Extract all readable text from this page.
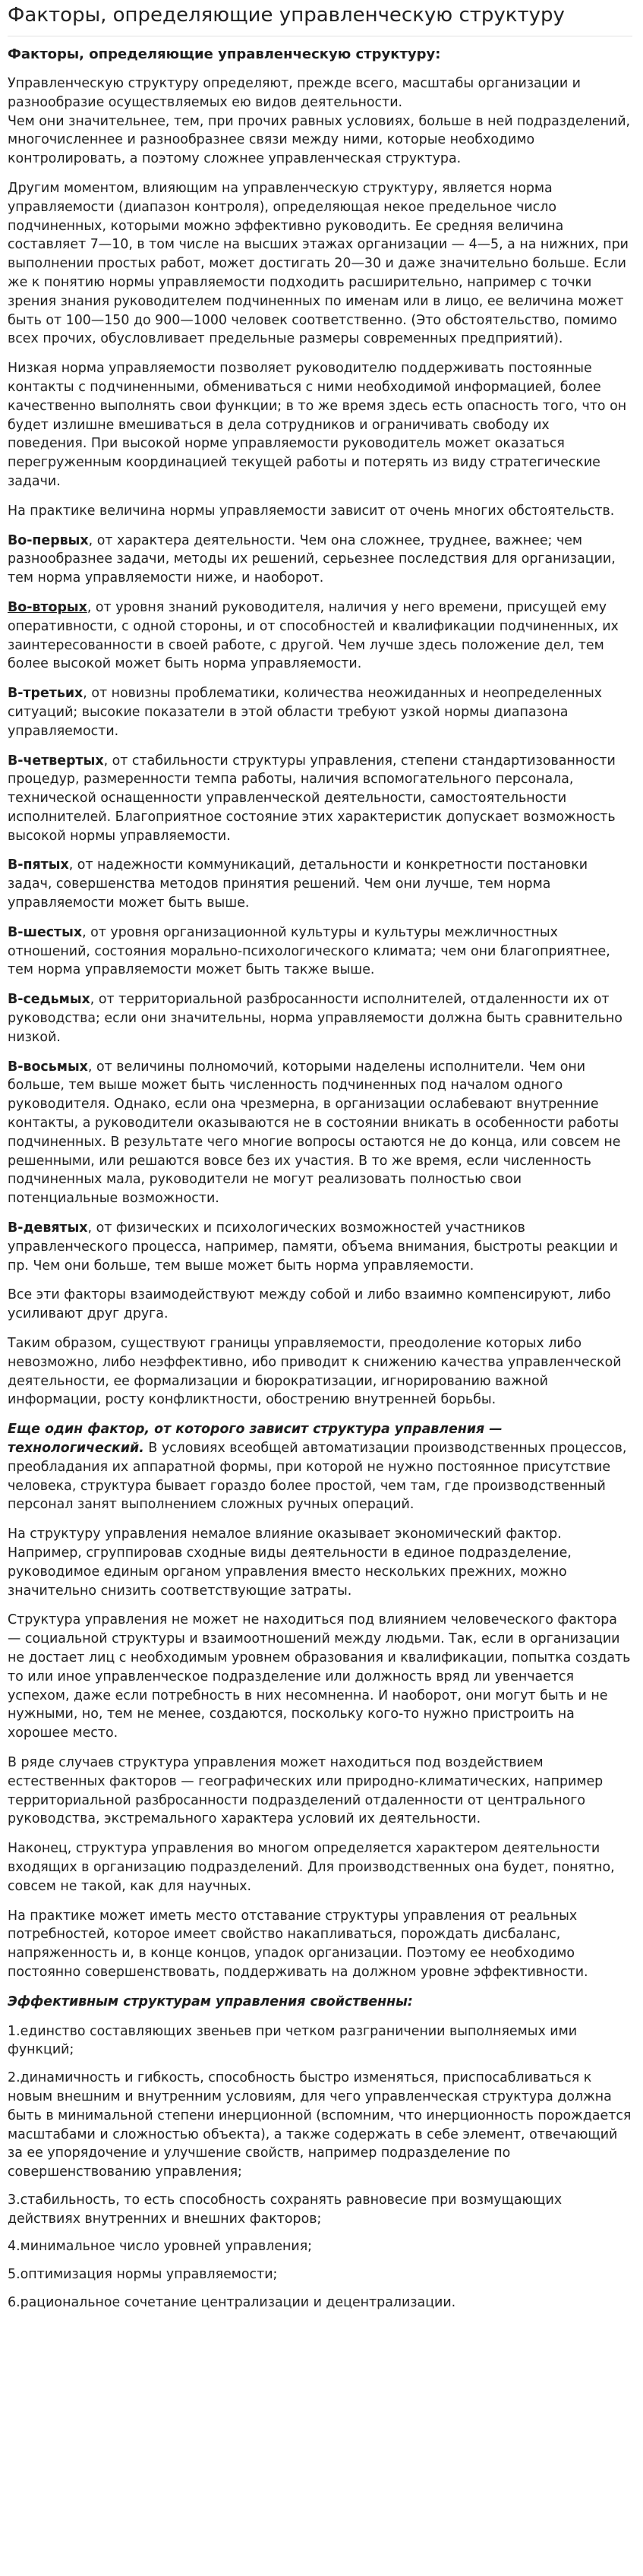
Факторы, определяющие управленческую структуру

Факторы, определяющие управленческую структуру:

Управленческую структуру определяют, прежде всего, масштабы организации и разнообразие осуществляемых ею видов деятельности.
Чем они значительнее, тем, при прочих равных условиях, больше в ней подразделений, многочисленнее и разнообразнее связи между ними, которые необходимо контролировать, а поэтому сложнее управленческая структура.

Другим моментом, влияющим на управленческую структуру, является норма управляемости (диапазон контроля), определяющая некое предельное число подчиненных, которыми можно эффективно руководить. Ее средняя величина составляет 7—10, в том числе на высших этажах организации — 4—5, а на нижних, при выполнении простых работ, может достигать 20—30 и даже значительно больше. Если же к понятию нормы управляемости подходить расширительно, например с точки зрения знания руководителем подчиненных по именам или в лицо, ее величина может быть от 100—150 до 900—1000 человек соответственно. (Это обстоятельство, помимо всех прочих, обусловливает предельные размеры современных предприятий).

Низкая норма управляемости позволяет руководителю поддерживать постоянные контакты с подчиненными, обмениваться с ними необходимой информацией, более качественно выполнять свои функции; в то же время здесь есть опасность того, что он будет излишне вмешиваться в дела сотрудников и ограничивать свободу их поведения. При высокой норме управляемости руководитель может оказаться перегруженным координацией текущей работы и потерять из виду стратегические задачи.

На практике величина нормы управляемости зависит от очень многих обстоятельств.

Во-первых, от характера деятельности. Чем она сложнее, труднее, важнее; чем разнообразнее задачи, методы их решений, серьезнее последствия для организации, тем норма управляемости ниже, и наоборот.

Во-вторых, от уровня знаний руководителя, наличия у него времени, присущей ему оперативности, с одной стороны, и от способностей и квалификации подчиненных, их заинтересованности в своей работе, с другой. Чем лучше здесь положение дел, тем более высокой может быть норма управляемости.

В-третьих, от новизны проблематики, количества неожиданных и неопределенных ситуаций; высокие показатели в этой области требуют узкой нормы диапазона управляемости.

В-четвертых, от стабильности структуры управления, степени стандартизованности процедур, размеренности темпа работы, наличия вспомогательного персонала, технической оснащенности управленческой деятельности, самостоятельности исполнителей. Благоприятное состояние этих характеристик допускает возможность высокой нормы управляемости.

В-пятых, от надежности коммуникаций, детальности и конкретности постановки задач, совершенства методов принятия решений. Чем они лучше, тем норма управляемости может быть выше.

В-шестых, от уровня организационной культуры и культуры межличностных отношений, состояния морально-психологического климата; чем они благоприятнее, тем норма управляемости может быть также выше.

В-седьмых, от территориальной разбросанности исполнителей, отдаленности их от руководства; если они значительны, норма управляемости должна быть сравнительно низкой.

В-восьмых, от величины полномочий, которыми наделены исполнители. Чем они больше, тем выше может быть численность подчиненных под началом одного руководителя. Однако, если она чрезмерна, в организации ослабевают внутренние контакты, а руководители оказываются не в состоянии вникать в особенности работы подчиненных. В результате чего многие вопросы остаются не до конца, или совсем не решенными, или решаются вовсе без их участия. В то же время, если численность подчиненных мала, руководители не могут реализовать полностью свои потенциальные возможности.

В-девятых, от физических и психологических возможностей участников управленческого процесса, например, памяти, объема внимания, быстроты реакции и пр. Чем они больше, тем выше может быть норма управляемости.

Все эти факторы взаимодействуют между собой и либо взаимно компенсируют, либо усиливают друг друга.

Таким образом, существуют границы управляемости, преодоление которых либо невозможно, либо неэффективно, ибо приводит к снижению качества управленческой деятельности, ее формализации и бюрократизации, игнорированию важной информации, росту конфликтности, обострению внутренней борьбы.

Еще один фактор, от которого зависит структура управления — технологический. В условиях всеобщей автоматизации производственных процессов, преобладания их аппаратной формы, при которой не нужно постоянное присутствие человека, структура бывает гораздо более простой, чем там, где производственный персонал занят выполнением сложных ручных операций.

На структуру управления немалое влияние оказывает экономический фактор. Например, сгруппировав сходные виды деятельности в единое подразделение, руководимое единым органом управления вместо нескольких прежних, можно значительно снизить соответствующие затраты.

Структура управления не может не находиться под влиянием человеческого фактора — социальной структуры и взаимоотношений между людьми. Так, если в организации не достает лиц с необходимым уровнем образования и квалификации, попытка создать то или иное управленческое подразделение или должность вряд ли увенчается успехом, даже если потребность в них несомненна. И наоборот, они могут быть и не нужными, но, тем не менее, создаются, поскольку кого-то нужно пристроить на хорошее место.

В ряде случаев структура управления может находиться под воздействием естественных факторов — географических или природно-климатических, например территориальной разбросанности подразделений отдаленности от центрального руководства, экстремального характера условий их деятельности.

Наконец, структура управления во многом определяется характером деятельности входящих в организацию подразделений. Для производственных она будет, понятно, совсем не такой, как для научных.

На практике может иметь место отставание структуры управления от реальных потребностей, которое имеет свойство накапливаться, порождать дисбаланс, напряженность и, в конце концов, упадок организации. Поэтому ее необходимо постоянно совершенствовать, поддерживать на должном уровне эффективности.

Эффективным структурам управления свойственны:

1.единство составляющих звеньев при четком разграничении выполняемых ими функций;

2.динамичность и гибкость, способность быстро изменяться, приспосабливаться к новым внешним и внутренним условиям, для чего управленческая структура должна быть в минимальной степени инерционной (вспомним, что инерционность порождается масштабами и сложностью объекта), а также содержать в себе элемент, отвечающий за ее упорядочение и улучшение свойств, например подразделение по совершенствованию управления;

3.стабильность, то есть способность сохранять равновесие при возмущающих действиях внутренних и внешних факторов;

4.минимальное число уровней управления;

5.оптимизация нормы управляемости;

6.рациональное сочетание централизации и децентрализации.
